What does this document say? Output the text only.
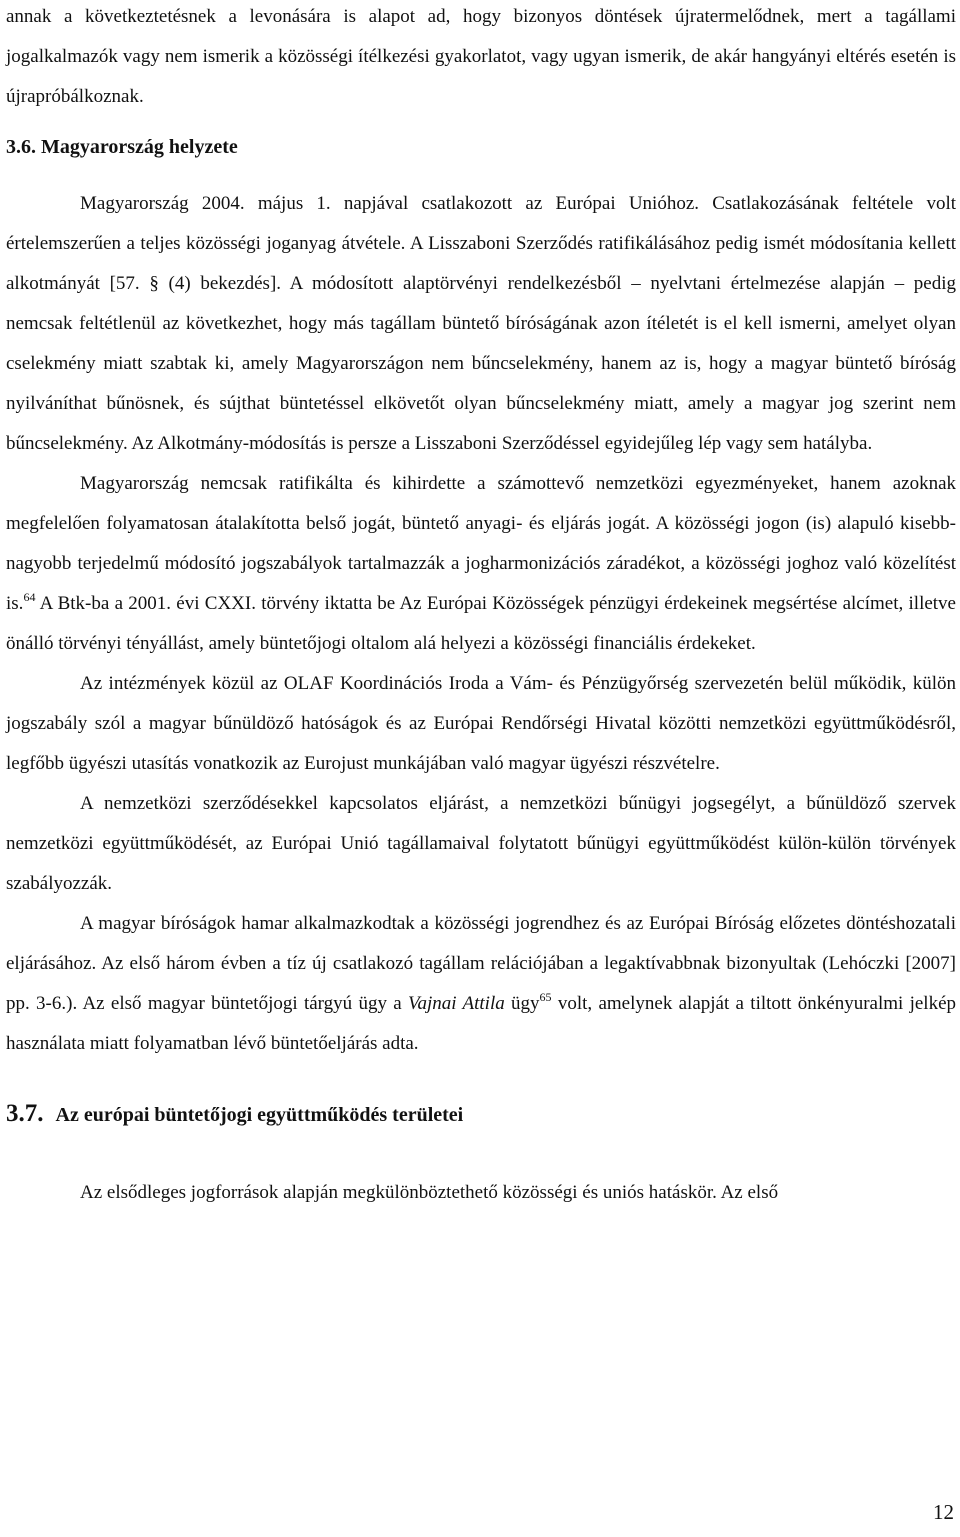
annak a következtetésnek a levonására is alapot ad, hogy bizonyos döntések újratermelődnek, mert a tagállami jogalkalmazók vagy nem ismerik a közösségi ítélkezési gyakorlatot, vagy ugyan ismerik, de akár hangyányi eltérés esetén is újrapróbálkoznak.

3.6. Magyarország helyzete

Magyarország 2004. május 1. napjával csatlakozott az Európai Unióhoz. Csatlakozásának feltétele volt értelemszerűen a teljes közösségi joganyag átvétele. A Lisszaboni Szerződés ratifikálásához pedig ismét módosítania kellett alkotmányát [57. § (4) bekezdés]. A módosított alaptörvényi rendelkezésből – nyelvtani értelmezése alapján – pedig nemcsak feltétlenül az következhet, hogy más tagállam büntető bíróságának azon ítéletét is el kell ismerni, amelyet olyan cselekmény miatt szabtak ki, amely Magyarországon nem bűncselekmény, hanem az is, hogy a magyar büntető bíróság nyilváníthat bűnösnek, és sújthat büntetéssel elkövetőt olyan bűncselekmény miatt, amely a magyar jog szerint nem bűncselekmény. Az Alkotmány-módosítás is persze a Lisszaboni Szerződéssel egyidejűleg lép vagy sem hatályba.

Magyarország nemcsak ratifikálta és kihirdette a számottevő nemzetközi egyezményeket, hanem azoknak megfelelően folyamatosan átalakította belső jogát, büntető anyagi- és eljárás jogát. A közösségi jogon (is) alapuló kisebb-nagyobb terjedelmű módosító jogszabályok tartalmazzák a jogharmonizációs záradékot, a közösségi joghoz való közelítést is.$^{64}$ A Btk-ba a 2001. évi CXXI. törvény iktatta be Az Európai Közösségek pénzügyi érdekeinek megsértése alcímet, illetve önálló törvényi tényállást, amely büntetőjogi oltalom alá helyezi a közösségi financiális érdekeket.

Az intézmények közül az OLAF Koordinációs Iroda a Vám- és Pénzügyőrség szervezetén belül működik, külön jogszabály szól a magyar bűnüldöző hatóságok és az Európai Rendőrségi Hivatal közötti nemzetközi együttműködésről, legfőbb ügyészi utasítás vonatkozik az Eurojust munkájában való magyar ügyészi részvételre.

A nemzetközi szerződésekkel kapcsolatos eljárást, a nemzetközi bűnügyi jogsegélyt, a bűnüldöző szervek nemzetközi együttműködését, az Európai Unió tagállamaival folytatott bűnügyi együttműködést külön-külön törvények szabályozzák.

A magyar bíróságok hamar alkalmazkodtak a közösségi jogrendhez és az Európai Bíróság előzetes döntéshozatali eljárásához. Az első három évben a tíz új csatlakozó tagállam relációjában a legaktívabbnak bizonyultak (Lehóczki [2007] pp. 3-6.). Az első magyar büntetőjogi tárgyú ügy a Vajnai Attila ügy$^{65}$ volt, amelynek alapját a tiltott önkényuralmi jelkép használata miatt folyamatban lévő büntetőeljárás adta.

3.7. Az európai büntetőjogi együttműködés területei

Az elsődleges jogforrások alapján megkülönböztethető közösségi és uniós hatáskör. Az első

12
